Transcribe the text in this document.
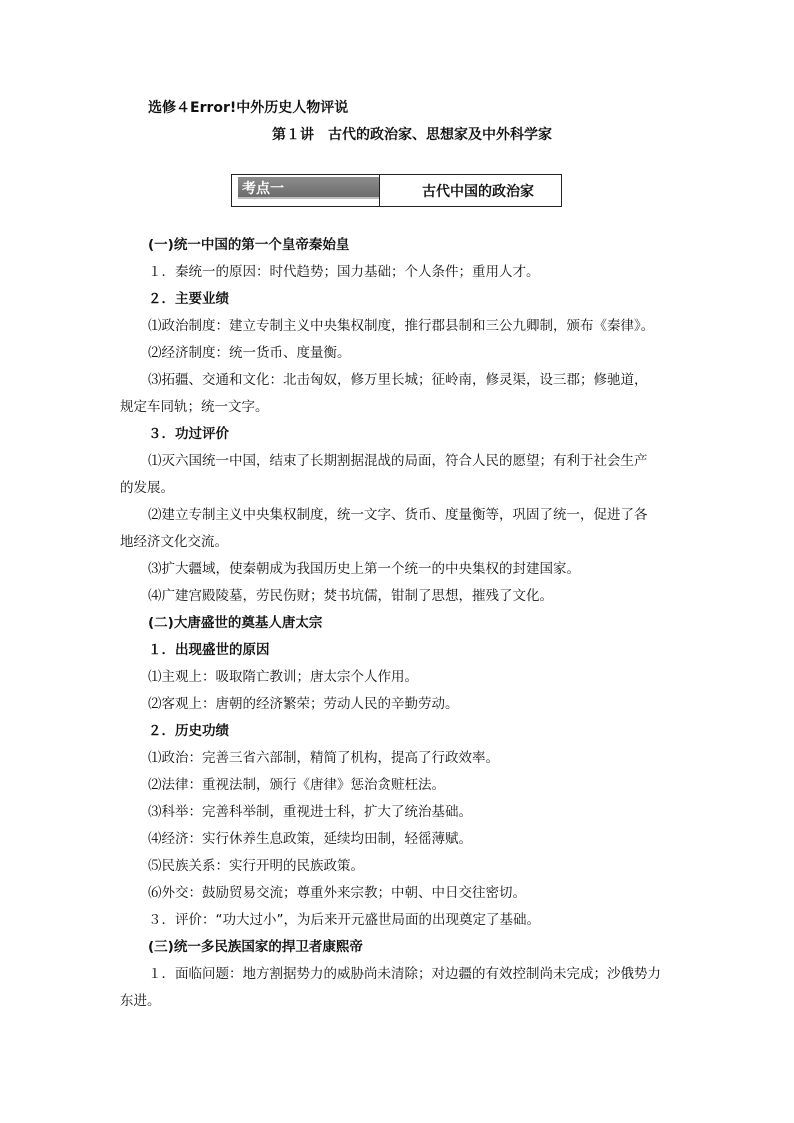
选修４Error!中外历史人物评说
第１讲　古代的政治家、思想家及中外科学家
考点一	古代中国的政治家
(一)统一中国的第一个皇帝秦始皇
１．秦统一的原因：时代趋势；国力基础；个人条件；重用人才。
２．主要业绩
⑴政治制度：建立专制主义中央集权制度，推行郡县制和三公九卿制，颁布《秦律》。
⑵经济制度：统一货币、度量衡。
⑶拓疆、交通和文化：北击匈奴，修万里长城；征岭南，修灵渠，设三郡；修驰道，
规定车同轨；统一文字。
３．功过评价
⑴灭六国统一中国，结束了长期割据混战的局面，符合人民的愿望；有利于社会生产
的发展。
⑵建立专制主义中央集权制度，统一文字、货币、度量衡等，巩固了统一，促进了各
地经济文化交流。
⑶扩大疆域，使秦朝成为我国历史上第一个统一的中央集权的封建国家。
⑷广建宫殿陵墓，劳民伤财；焚书坑儒，钳制了思想，摧残了文化。
(二)大唐盛世的奠基人唐太宗
１．出现盛世的原因
⑴主观上：吸取隋亡教训；唐太宗个人作用。
⑵客观上：唐朝的经济繁荣；劳动人民的辛勤劳动。
２．历史功绩
⑴政治：完善三省六部制，精简了机构，提高了行政效率。
⑵法律：重视法制，颁行《唐律》惩治贪赃枉法。
⑶科举：完善科举制，重视进士科，扩大了统治基础。
⑷经济：实行休养生息政策，延续均田制，轻徭薄赋。
⑸民族关系：实行开明的民族政策。
⑹外交：鼓励贸易交流；尊重外来宗教；中朝、中日交往密切。
３．评价：“功大过小”，为后来开元盛世局面的出现奠定了基础。
(三)统一多民族国家的捍卫者康熙帝
１．面临问题：地方割据势力的威胁尚未清除；对边疆的有效控制尚未完成；沙俄势力
东进。
